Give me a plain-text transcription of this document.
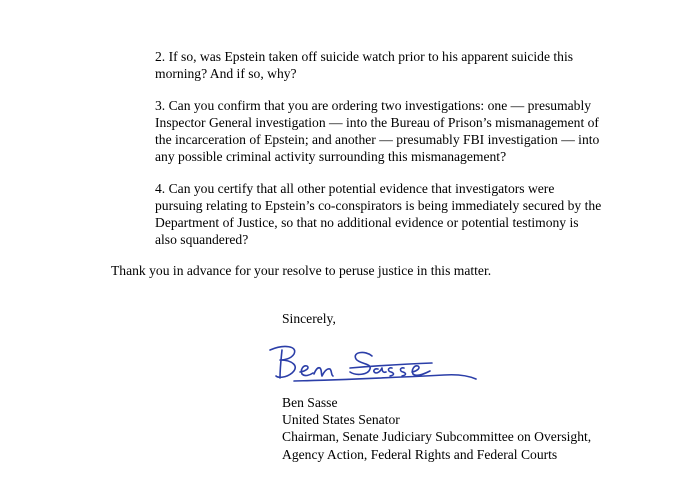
2. If so, was Epstein taken off suicide watch prior to his apparent suicide this
morning? And if so, why?
3. Can you confirm that you are ordering two investigations: one — presumably
Inspector General investigation — into the Bureau of Prison’s mismanagement of
the incarceration of Epstein; and another — presumably FBI investigation — into
any possible criminal activity surrounding this mismanagement?
4. Can you certify that all other potential evidence that investigators were
pursuing relating to Epstein’s co-conspirators is being immediately secured by the
Department of Justice, so that no additional evidence or potential testimony is
also squandered?
Thank you in advance for your resolve to peruse justice in this matter.
Sincerely,
Ben Sasse
United States Senator
Chairman, Senate Judiciary Subcommittee on Oversight,
Agency Action, Federal Rights and Federal Courts
